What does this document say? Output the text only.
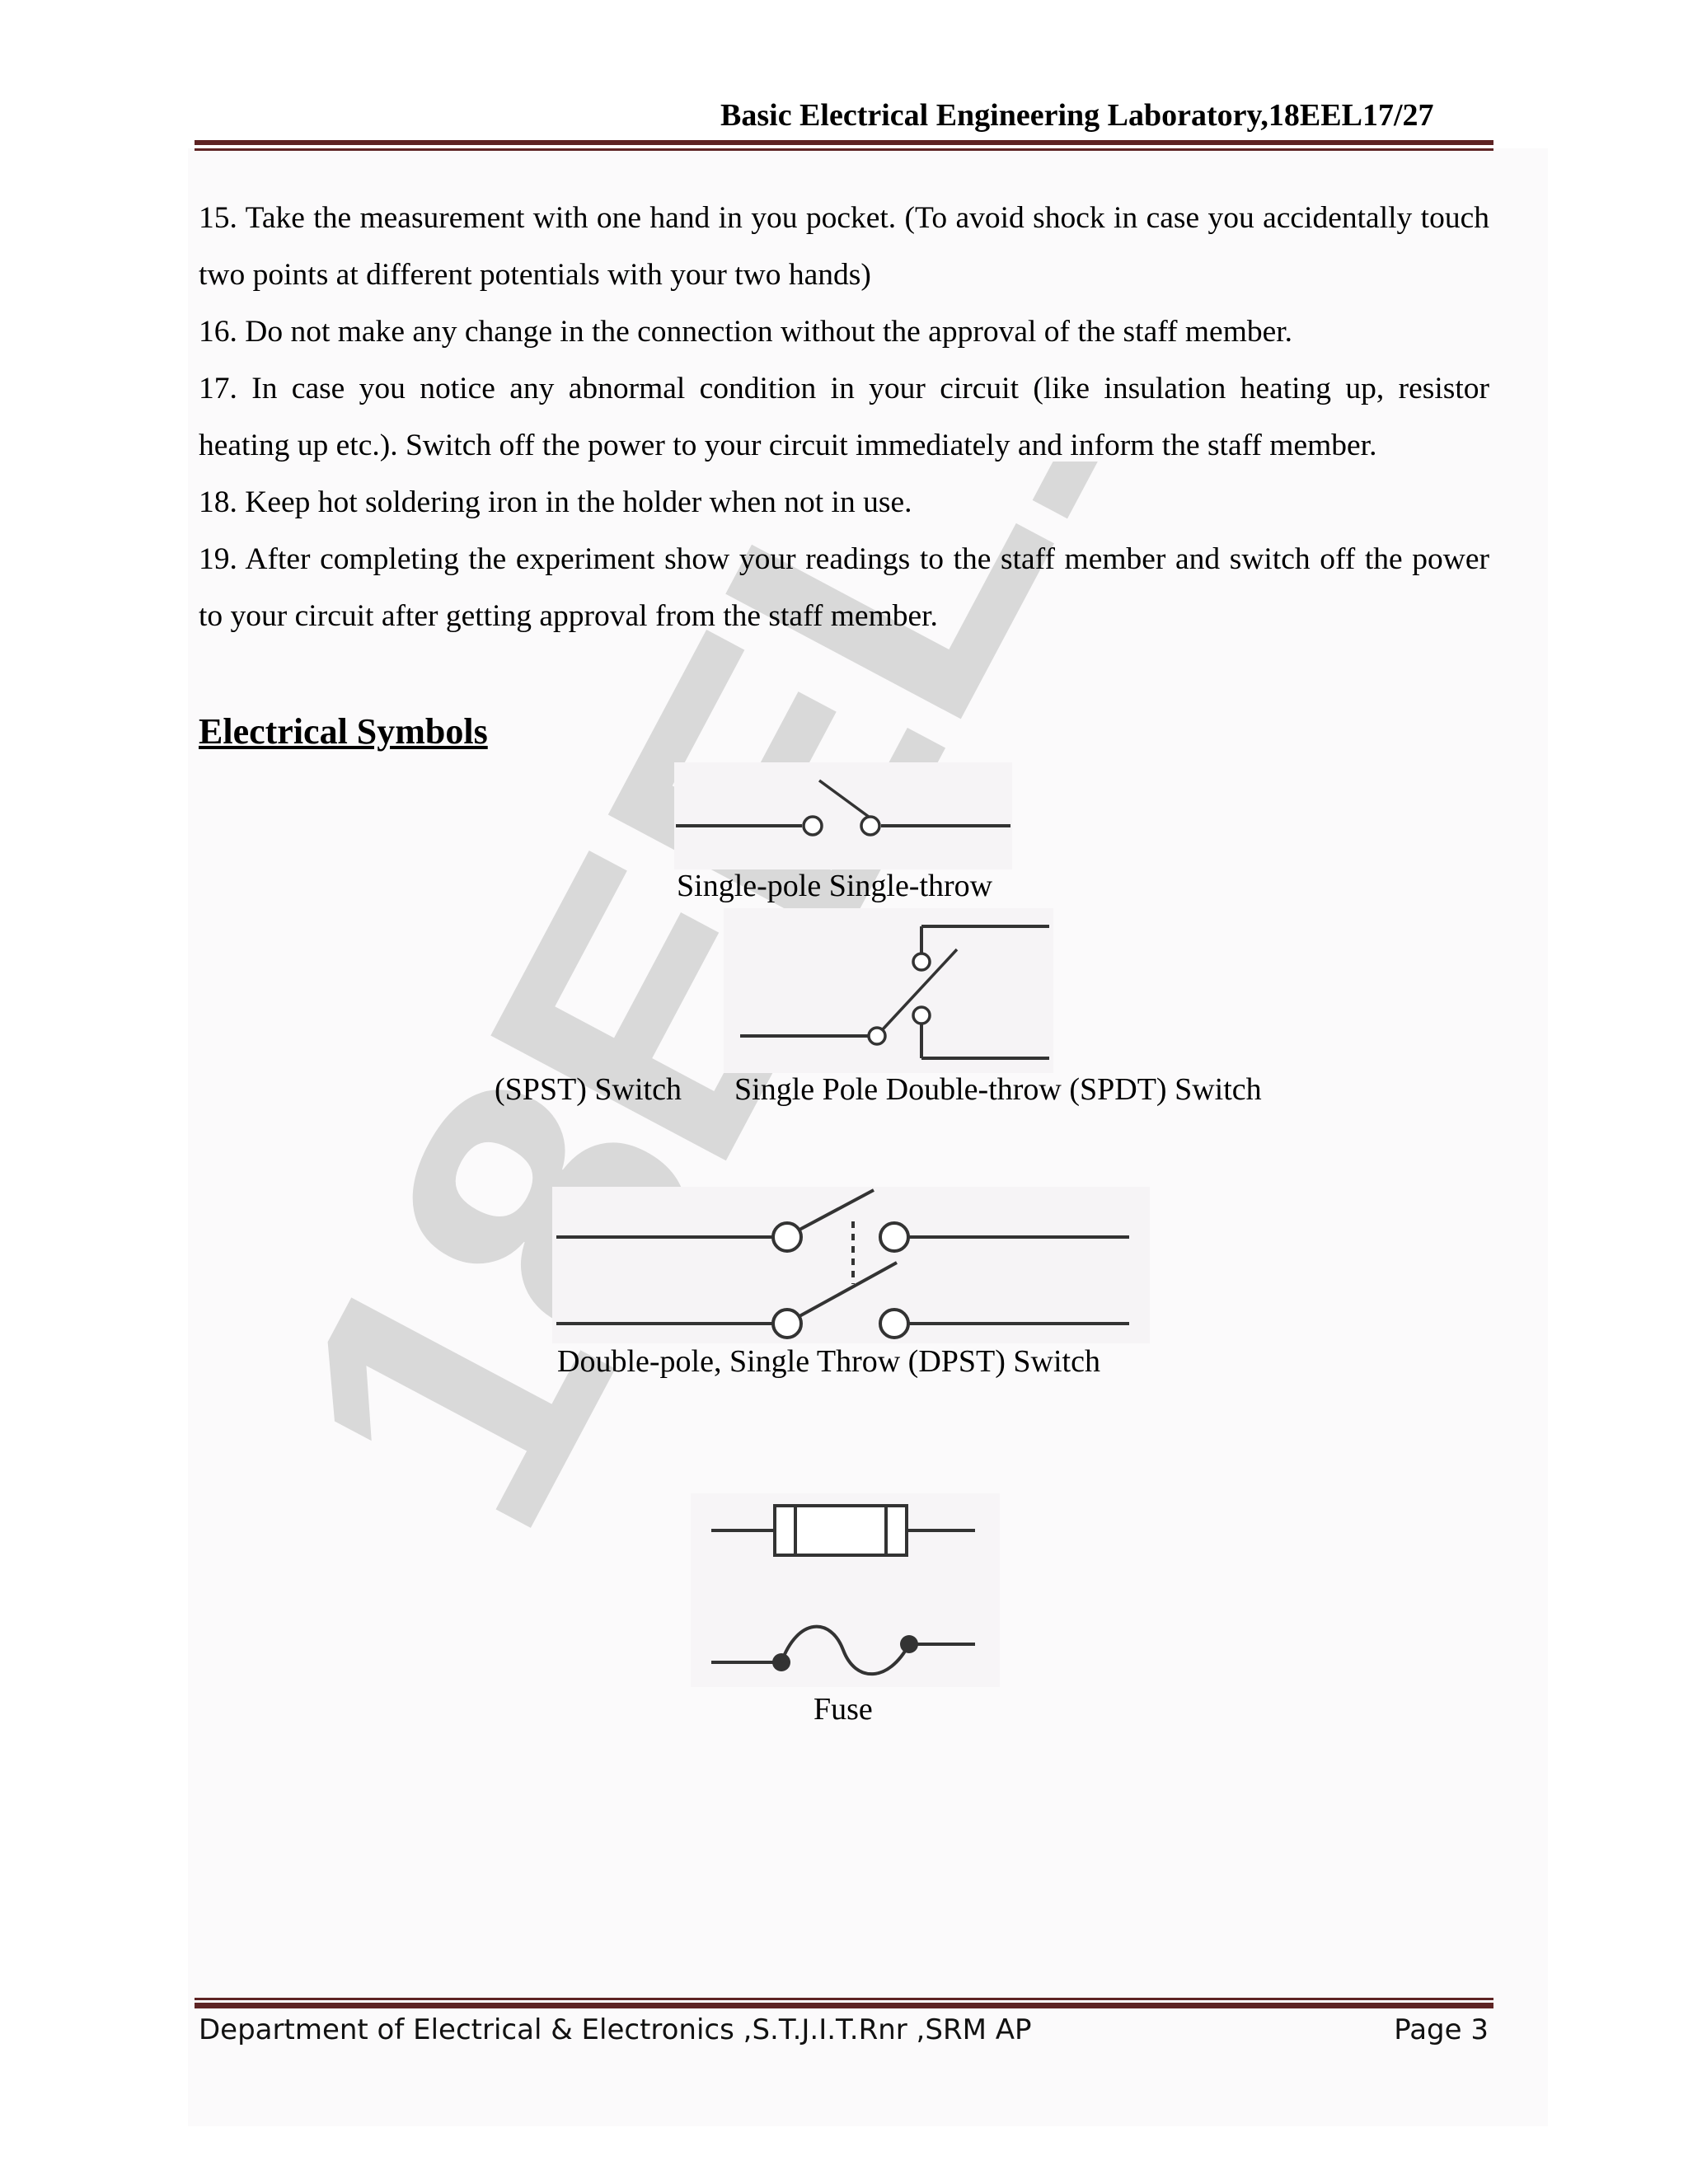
Basic Electrical Engineering Laboratory,18EEL17/27

15. Take the measurement with one hand in you pocket. (To avoid shock in case you accidentally touch two points at different potentials with your two hands)

16. Do not make any change in the connection without the approval of the staff member.

17. In case you notice any abnormal condition in your circuit (like insulation heating up, resistor heating up etc.). Switch off the power to your circuit immediately and inform the staff member.

18. Keep hot soldering iron in the holder when not in use.

19. After completing the experiment show your readings to the staff member and switch off the power to your circuit after getting approval from the staff member.

Electrical Symbols
Single-pole Single-throw
(SPST) Switch Single Pole Double-throw (SPDT) Switch
Double-pole, Single Throw (DPST) Switch
Fuse
Department of Electrical & Electronics ,S.T.J.I.T.Rnr ,SRM AP	Page 3
